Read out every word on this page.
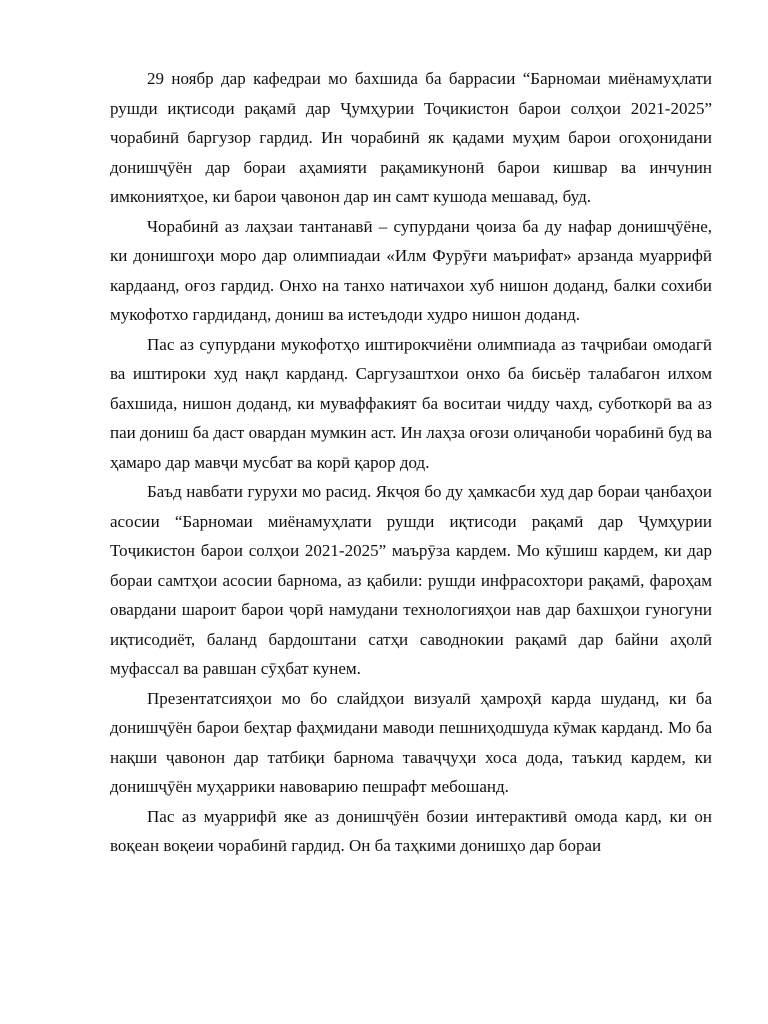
29 ноябр дар кафедраи мо бахшида ба баррасии “Барномаи миёнамуҳлати рушди иқтисоди рақамӣ дар Ҷумҳурии Тоҷикистон барои солҳои 2021-2025” чорабинӣ баргузор гардид. Ин чорабинӣ як қадами муҳим барои огоҳонидани донишҷӯён дар бораи аҳамияти рақамикунонӣ барои кишвар ва инчунин имкониятҳое, ки барои ҷавонон дар ин самт кушода мешавад, буд.

Чорабинӣ аз лаҳзаи тантанавӣ – супурдани ҷоиза ба ду нафар донишҷӯёне, ки донишгоҳи моро дар олимпиадаи «Илм Фурӯғи маърифат» арзанда муаррифӣ кардаанд, оғоз гардид. Онхо на танхо натичахои хуб нишон доданд, балки сохиби мукофотхо гардиданд, дониш ва истеъдоди худро нишон доданд.

Пас аз супурдани мукофотҳо иштирокчиёни олимпиада аз таҷрибаи омодагӣ ва иштироки худ нақл карданд. Саргузаштхои онхо ба бисьёр талабагон илхом бахшида, нишон доданд, ки муваффакият ба воситаи чидду чахд, суботкорӣ ва аз паи дониш ба даст овардан мумкин аст. Ин лаҳза оғози олиҷаноби чорабинӣ буд ва ҳамаро дар мавҷи мусбат ва корӣ қарор дод.

Баъд навбати гурухи мо расид. Якҷоя бо ду ҳамкасби худ дар бораи ҷанбаҳои асосии “Барномаи миёнамуҳлати рушди иқтисоди рақамӣ дар Ҷумҳурии Тоҷикистон барои солҳои 2021-2025” маърӯза кардем. Мо кӯшиш кардем, ки дар бораи самтҳои асосии барнома, аз қабили: рушди инфрасохтори рақамӣ, фароҳам овардани шароит барои ҷорӣ намудани технологияҳои нав дар бахшҳои гуногуни иқтисодиёт, баланд бардоштани сатҳи саводнокии рақамӣ дар байни аҳолӣ муфассал ва равшан сӯҳбат кунем.

Презентатсияҳои мо бо слайдҳои визуалӣ ҳамроҳӣ карда шуданд, ки ба донишҷӯён барои беҳтар фаҳмидани маводи пешниҳодшуда кӯмак карданд. Мо ба нақши ҷавонон дар татбиқи барнома таваҷҷуҳи хоса дода, таъкид кардем, ки донишҷӯён муҳаррики навоварию пешрафт мебошанд.

Пас аз муаррифӣ яке аз донишҷӯён бозии интерактивӣ омода кард, ки он воқеан воқеии чорабинӣ гардид. Он ба таҳкими донишҳо дар бораи
